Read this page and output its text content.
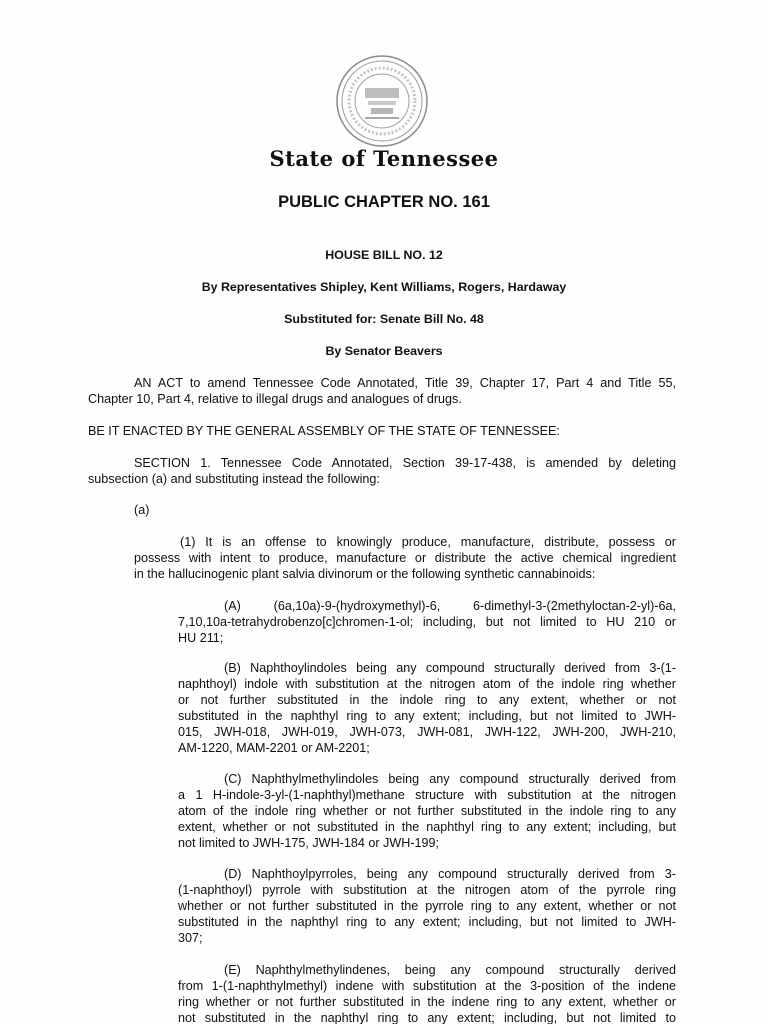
State of Tennessee
PUBLIC CHAPTER NO. 161
HOUSE BILL NO. 12
By Representatives Shipley, Kent Williams, Rogers, Hardaway
Substituted for: Senate Bill No. 48
By Senator Beavers
AN ACT to amend Tennessee Code Annotated, Title 39, Chapter 17, Part 4 and Title 55,
Chapter 10, Part 4, relative to illegal drugs and analogues of drugs.
BE IT ENACTED BY THE GENERAL ASSEMBLY OF THE STATE OF TENNESSEE:
SECTION 1. Tennessee Code Annotated, Section 39-17-438, is amended by deleting
subsection (a) and substituting instead the following:
(a)
(1) It is an offense to knowingly produce, manufacture, distribute, possess or
possess with intent to produce, manufacture or distribute the active chemical ingredient
in the hallucinogenic plant salvia divinorum or the following synthetic cannabinoids:
(A) (6a,10a)-9-(hydroxymethyl)-6, 6-dimethyl-3-(2methyloctan-2-yl)-6a,
7,10,10a-tetrahydrobenzo[c]chromen-1-ol; including, but not limited to HU 210 or
HU 211;
(B) Naphthoylindoles being any compound structurally derived from 3-(1-
naphthoyl) indole with substitution at the nitrogen atom of the indole ring whether
or not further substituted in the indole ring to any extent, whether or not
substituted in the naphthyl ring to any extent; including, but not limited to JWH-
015, JWH-018, JWH-019, JWH-073, JWH-081, JWH-122, JWH-200, JWH-210,
AM-1220, MAM-2201 or AM-2201;
(C) Naphthylmethylindoles being any compound structurally derived from
a 1 H-indole-3-yl-(1-naphthyl)methane structure with substitution at the nitrogen
atom of the indole ring whether or not further substituted in the indole ring to any
extent, whether or not substituted in the naphthyl ring to any extent; including, but
not limited to JWH-175, JWH-184 or JWH-199;
(D) Naphthoylpyrroles, being any compound structurally derived from 3-
(1-naphthoyl) pyrrole with substitution at the nitrogen atom of the pyrrole ring
whether or not further substituted in the pyrrole ring to any extent, whether or not
substituted in the naphthyl ring to any extent; including, but not limited to JWH-
307;
(E) Naphthylmethylindenes, being any compound structurally derived
from 1-(1-naphthylmethyl) indene with substitution at the 3-position of the indene
ring whether or not further substituted in the indene ring to any extent, whether or
not substituted in the naphthyl ring to any extent; including, but not limited to
